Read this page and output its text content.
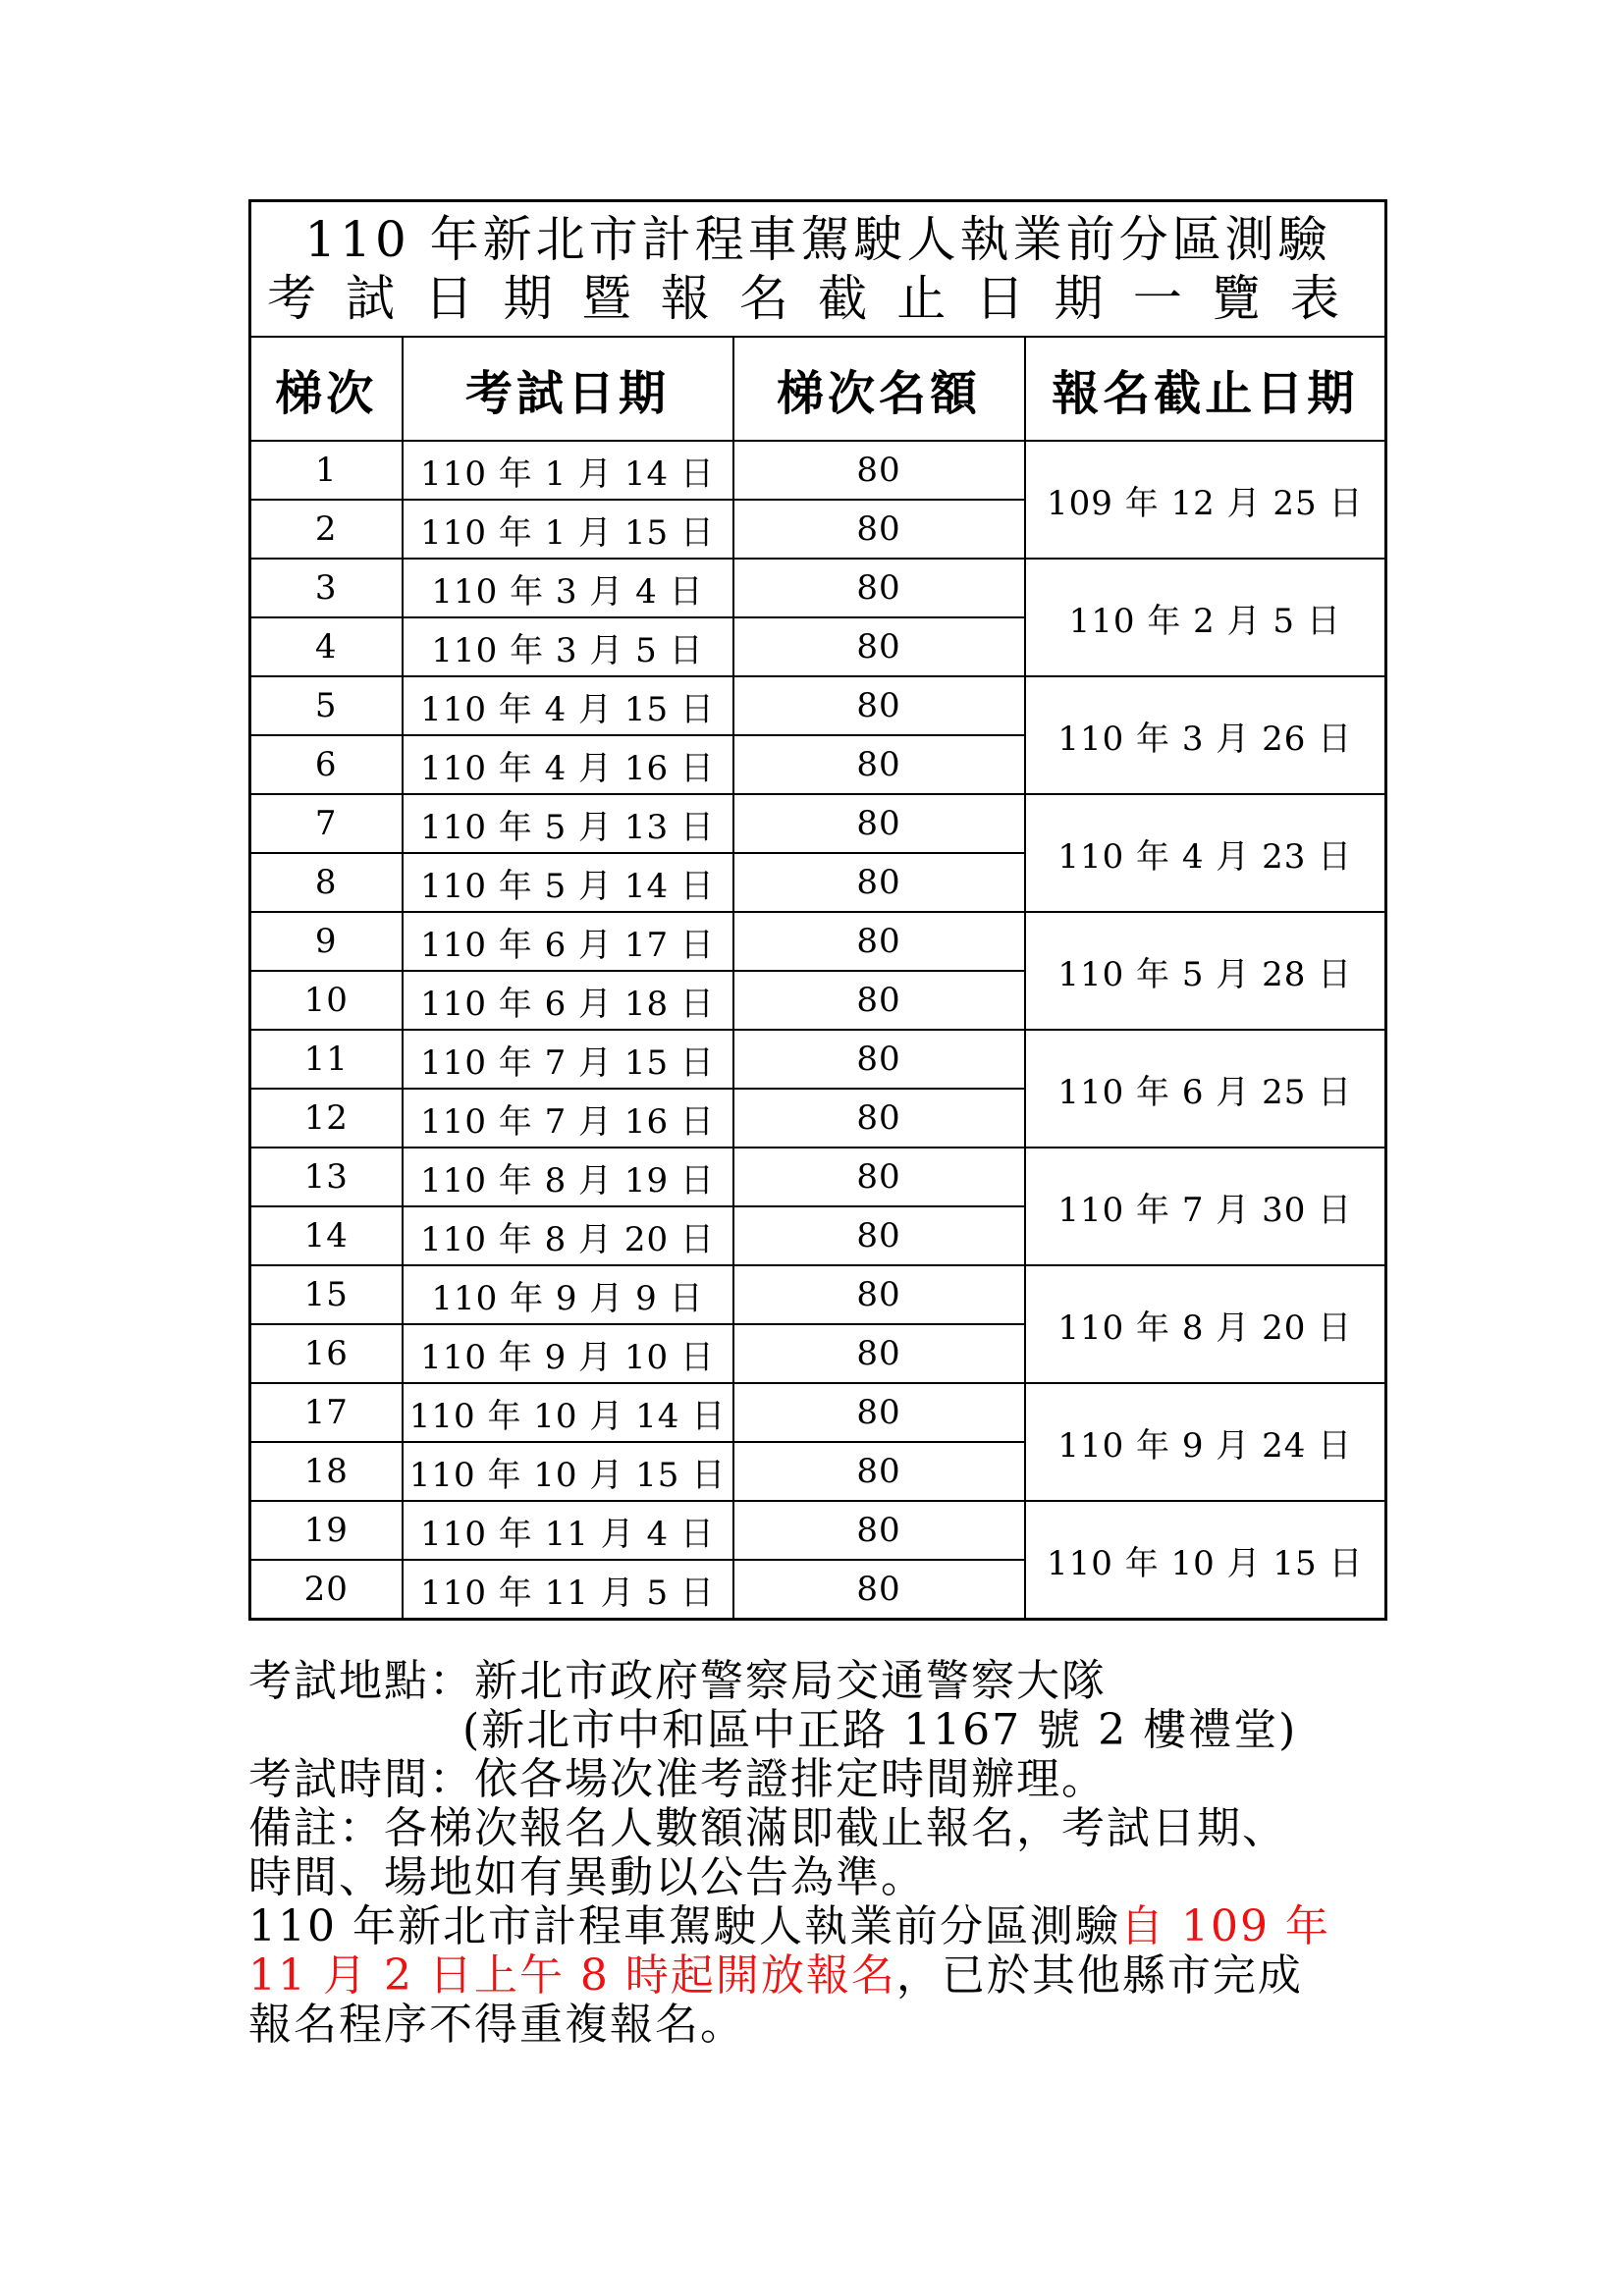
110 年新北市計程車駕駛人執業前分區測驗
考試日期暨報名截止日期一覽表			

梯次	考試日期	梯次名額	報名截止日期
1	110 年 1 月 14 日	80	109 年 12 月 25 日
2	110 年 1 月 15 日	80	
3	110 年 3 月 4 日	80	110 年 2 月 5 日
4	110 年 3 月 5 日	80	
5	110 年 4 月 15 日	80	110 年 3 月 26 日
6	110 年 4 月 16 日	80	
7	110 年 5 月 13 日	80	110 年 4 月 23 日
8	110 年 5 月 14 日	80	
9	110 年 6 月 17 日	80	110 年 5 月 28 日
10	110 年 6 月 18 日	80	
11	110 年 7 月 15 日	80	110 年 6 月 25 日
12	110 年 7 月 16 日	80	
13	110 年 8 月 19 日	80	110 年 7 月 30 日
14	110 年 8 月 20 日	80	
15	110 年 9 月 9 日	80	110 年 8 月 20 日
16	110 年 9 月 10 日	80	
17	110 年 10 月 14 日	80	110 年 9 月 24 日
18	110 年 10 月 15 日	80	
19	110 年 11 月 4 日	80	110 年 10 月 15 日
20	110 年 11 月 5 日	80	

考試地點：新北市政府警察局交通警察大隊

(新北市中和區中正路 1167 號 2 樓禮堂)

考試時間：依各場次准考證排定時間辦理。

備註：各梯次報名人數額滿即截止報名，考試日期、

時間、場地如有異動以公告為準。

110 年新北市計程車駕駛人執業前分區測驗自 109 年

11 月 2 日上午 8 時起開放報名，已於其他縣市完成

報名程序不得重複報名。
